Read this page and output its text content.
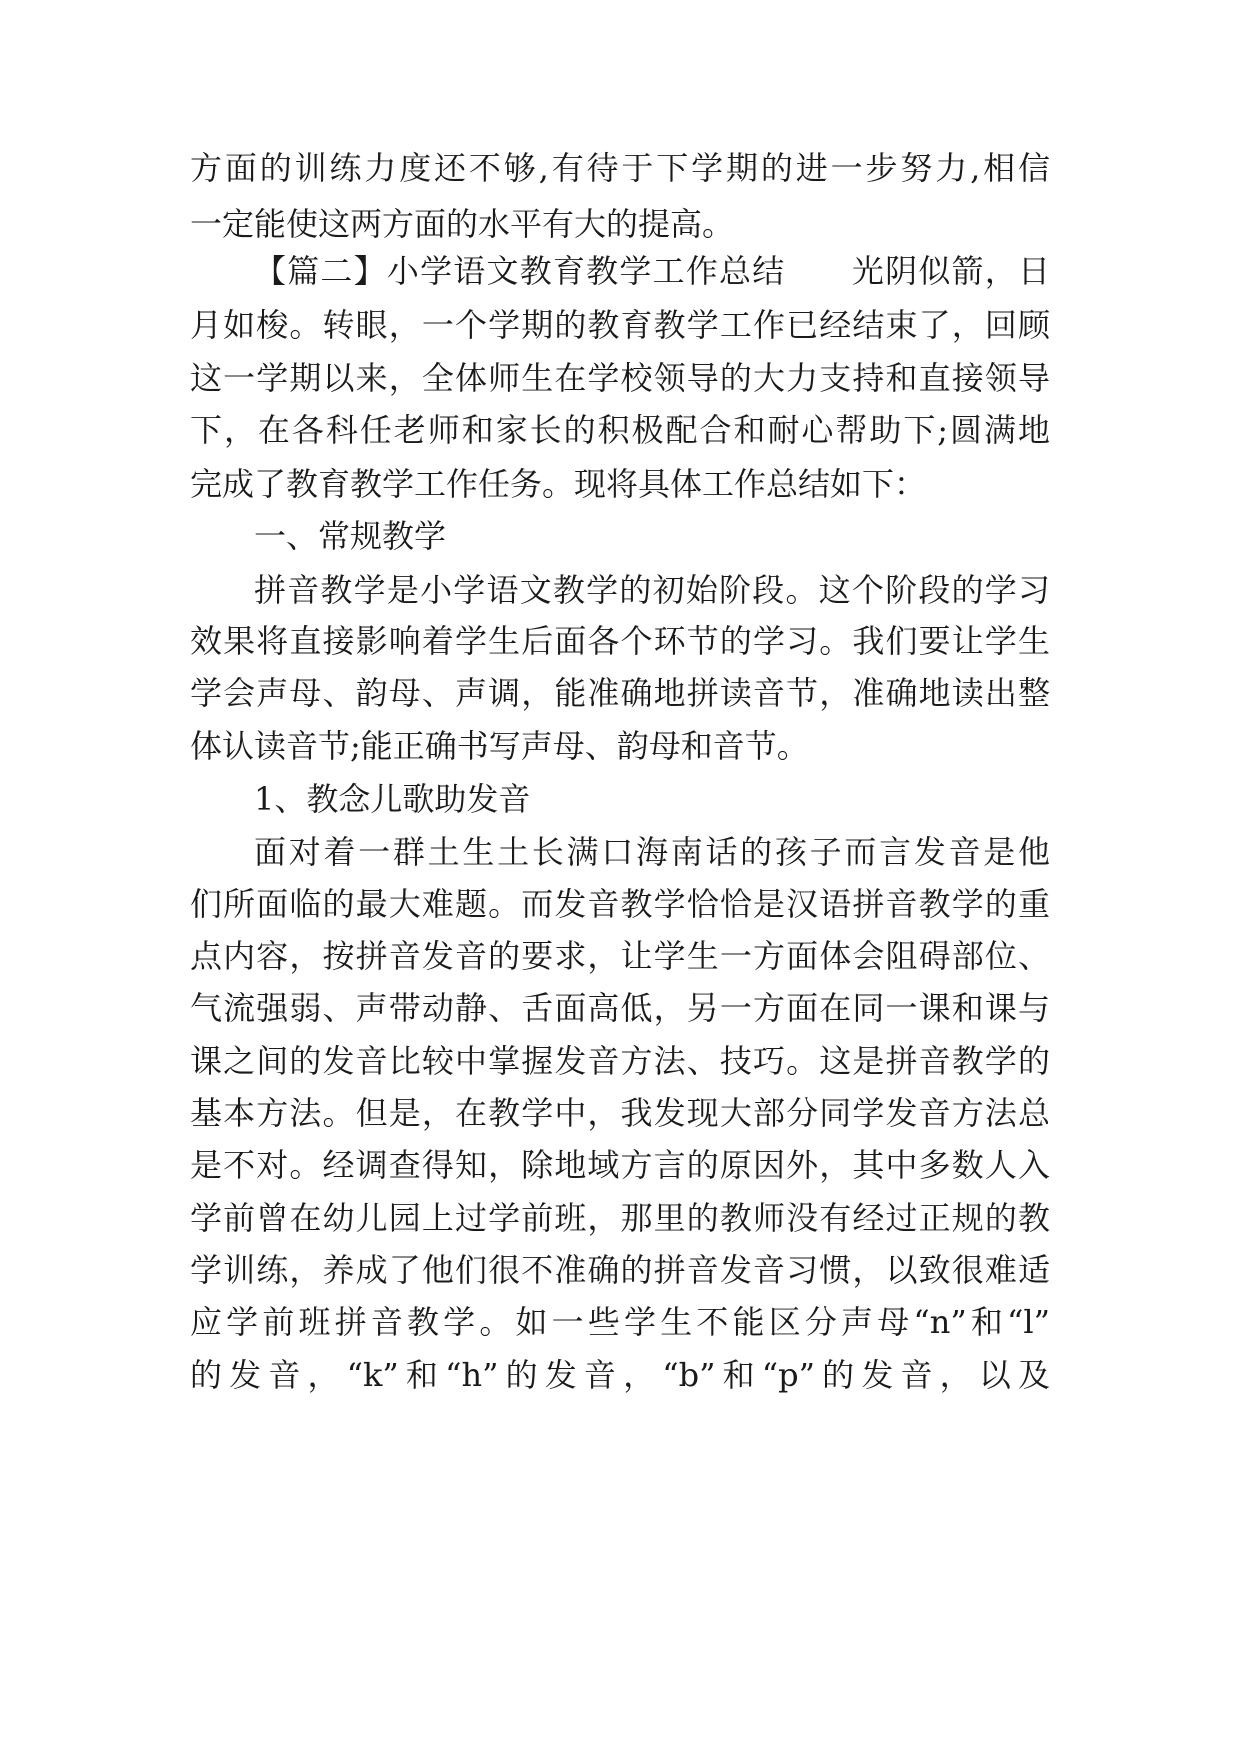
方面的训练力度还不够,有待于下学期的进一步努力,相信
一定能使这两方面的水平有大的提高。
【篇二】小学语文教育教学工作总结　　光阴似箭，日
月如梭。转眼，一个学期的教育教学工作已经结束了，回顾
这一学期以来，全体师生在学校领导的大力支持和直接领导
下，在各科任老师和家长的积极配合和耐心帮助下;圆满地
完成了教育教学工作任务。现将具体工作总结如下：
一、常规教学
拼音教学是小学语文教学的初始阶段。这个阶段的学习
效果将直接影响着学生后面各个环节的学习。我们要让学生
学会声母、韵母、声调，能准确地拼读音节，准确地读出整
体认读音节;能正确书写声母、韵母和音节。
1、教念儿歌助发音
面对着一群土生土长满口海南话的孩子而言发音是他
们所面临的最大难题。而发音教学恰恰是汉语拼音教学的重
点内容，按拼音发音的要求，让学生一方面体会阻碍部位、
气流强弱、声带动静、舌面高低，另一方面在同一课和课与
课之间的发音比较中掌握发音方法、技巧。这是拼音教学的
基本方法。但是，在教学中，我发现大部分同学发音方法总
是不对。经调查得知，除地域方言的原因外，其中多数人入
学前曾在幼儿园上过学前班，那里的教师没有经过正规的教
学训练，养成了他们很不准确的拼音发音习惯，以致很难适
应学前班拼音教学。如一些学生不能区分声母“n”和“l”
的发音，“k”和“h”的发音，“b”和“p”的发音，以及
